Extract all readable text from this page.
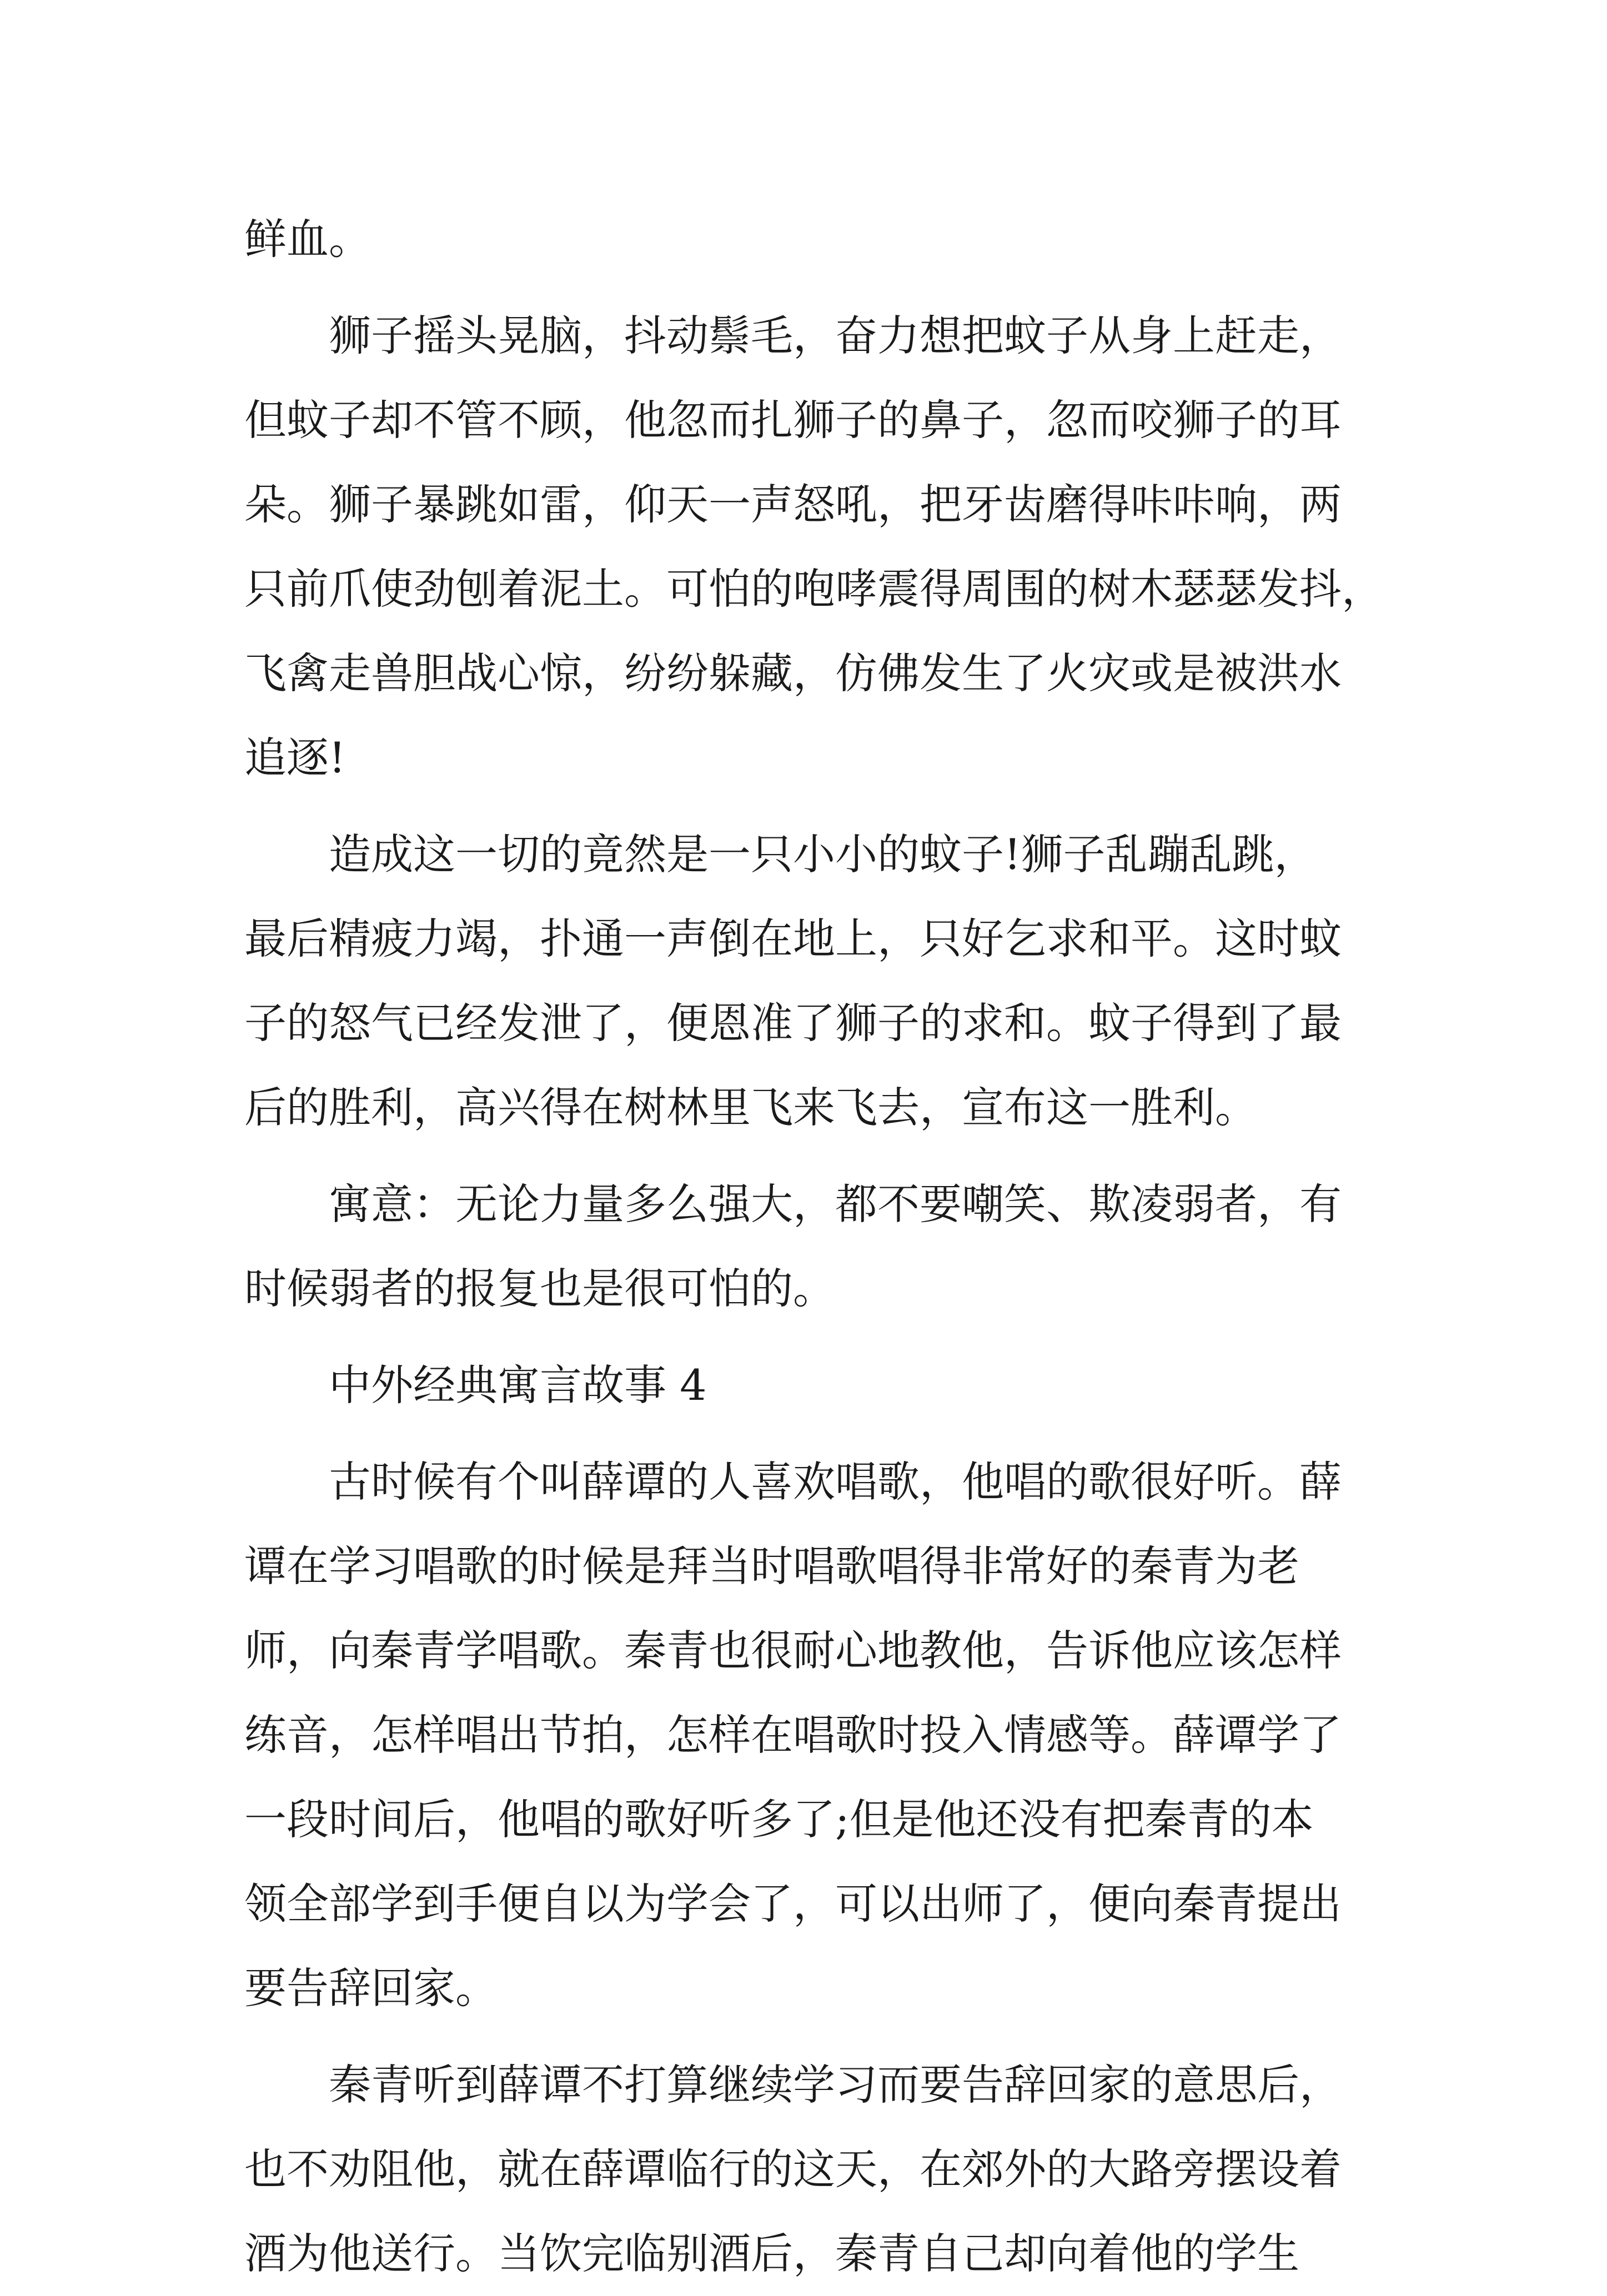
鲜血。
狮子摇头晃脑，抖动鬃毛，奋力想把蚊子从身上赶走，
但蚊子却不管不顾，他忽而扎狮子的鼻子，忽而咬狮子的耳
朵。狮子暴跳如雷，仰天一声怒吼，把牙齿磨得咔咔响，两
只前爪使劲刨着泥土。可怕的咆哮震得周围的树木瑟瑟发抖，
飞禽走兽胆战心惊，纷纷躲藏，仿佛发生了火灾或是被洪水
追逐!
造成这一切的竟然是一只小小的蚊子!狮子乱蹦乱跳，
最后精疲力竭，扑通一声倒在地上，只好乞求和平。这时蚊
子的怒气已经发泄了，便恩准了狮子的求和。蚊子得到了最
后的胜利，高兴得在树林里飞来飞去，宣布这一胜利。
寓意：无论力量多么强大，都不要嘲笑、欺凌弱者，有
时候弱者的报复也是很可怕的。
中外经典寓言故事 4
古时候有个叫薛谭的人喜欢唱歌，他唱的歌很好听。薛
谭在学习唱歌的时候是拜当时唱歌唱得非常好的秦青为老
师，向秦青学唱歌。秦青也很耐心地教他，告诉他应该怎样
练音，怎样唱出节拍，怎样在唱歌时投入情感等。薛谭学了
一段时间后，他唱的歌好听多了;但是他还没有把秦青的本
领全部学到手便自以为学会了，可以出师了，便向秦青提出
要告辞回家。
秦青听到薛谭不打算继续学习而要告辞回家的意思后，
也不劝阻他，就在薛谭临行的这天，在郊外的大路旁摆设着
酒为他送行。当饮完临别酒后，秦青自己却向着他的学生
